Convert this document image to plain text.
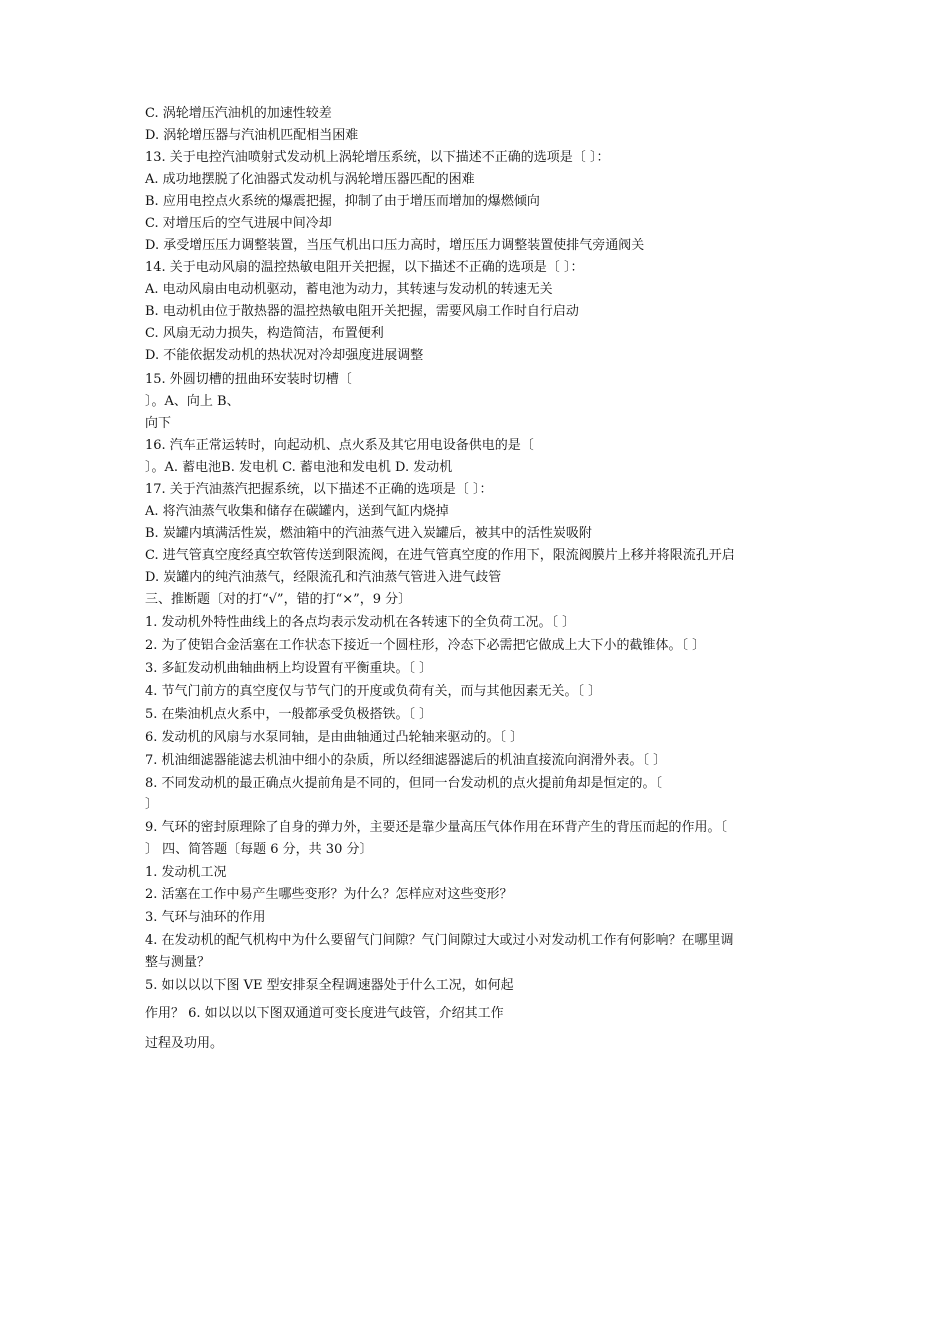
C. 涡轮增压汽油机的加速性较差
D. 涡轮增压器与汽油机匹配相当困难
13. 关于电控汽油喷射式发动机上涡轮增压系统，以下描述不正确的选项是〔 〕：
A. 成功地摆脱了化油器式发动机与涡轮增压器匹配的困难
B. 应用电控点火系统的爆震把握，抑制了由于增压而增加的爆燃倾向
C. 对增压后的空气进展中间冷却
D. 承受增压压力调整装置，当压气机出口压力高时，增压压力调整装置使排气旁通阀关
14. 关于电动风扇的温控热敏电阻开关把握，以下描述不正确的选项是〔 〕：
A. 电动风扇由电动机驱动，蓄电池为动力，其转速与发动机的转速无关
B. 电动机由位于散热器的温控热敏电阻开关把握，需要风扇工作时自行启动
C. 风扇无动力损失，构造简洁，布置便利
D. 不能依据发动机的热状况对冷却强度进展调整
15. 外圆切槽的扭曲环安装时切槽〔
〕。A、向上 B、
向下
16. 汽车正常运转时，向起动机、点火系及其它用电设备供电的是〔
〕。A. 蓄电池B. 发电机 C. 蓄电池和发电机 D. 发动机
17. 关于汽油蒸汽把握系统，以下描述不正确的选项是〔 〕：
A. 将汽油蒸气收集和储存在碳罐内，送到气缸内烧掉
B. 炭罐内填满活性炭，燃油箱中的汽油蒸气进入炭罐后，被其中的活性炭吸附
C. 进气管真空度经真空软管传送到限流阀，在进气管真空度的作用下，限流阀膜片上移并将限流孔开启
D. 炭罐内的纯汽油蒸气，经限流孔和汽油蒸气管进入进气歧管
三、推断题〔对的打“√”，错的打“×”，9 分〕
1. 发动机外特性曲线上的各点均表示发动机在各转速下的全负荷工况。〔 〕
2. 为了使铝合金活塞在工作状态下接近一个圆柱形，冷态下必需把它做成上大下小的截锥体。〔 〕
3. 多缸发动机曲轴曲柄上均设置有平衡重块。〔 〕
4. 节气门前方的真空度仅与节气门的开度或负荷有关，而与其他因素无关。〔 〕
5. 在柴油机点火系中，一般都承受负极搭铁。〔 〕
6. 发动机的风扇与水泵同轴，是由曲轴通过凸轮轴来驱动的。〔 〕
7. 机油细滤器能滤去机油中细小的杂质，所以经细滤器滤后的机油直接流向润滑外表。〔 〕
8. 不同发动机的最正确点火提前角是不同的，但同一台发动机的点火提前角却是恒定的。〔
〕
9. 气环的密封原理除了自身的弹力外，主要还是靠少量高压气体作用在环背产生的背压而起的作用。〔
〕 四、简答题〔每题 6 分，共 30 分〕
1. 发动机工况
2. 活塞在工作中易产生哪些变形？为什么？怎样应对这些变形？
3. 气环与油环的作用
4. 在发动机的配气机构中为什么要留气门间隙？气门间隙过大或过小对发动机工作有何影响？在哪里调
整与测量？
5. 如以以以下图 VE 型安排泵全程调速器处于什么工况，如何起
作用？ 6. 如以以以下图双通道可变长度进气歧管，介绍其工作
过程及功用。
